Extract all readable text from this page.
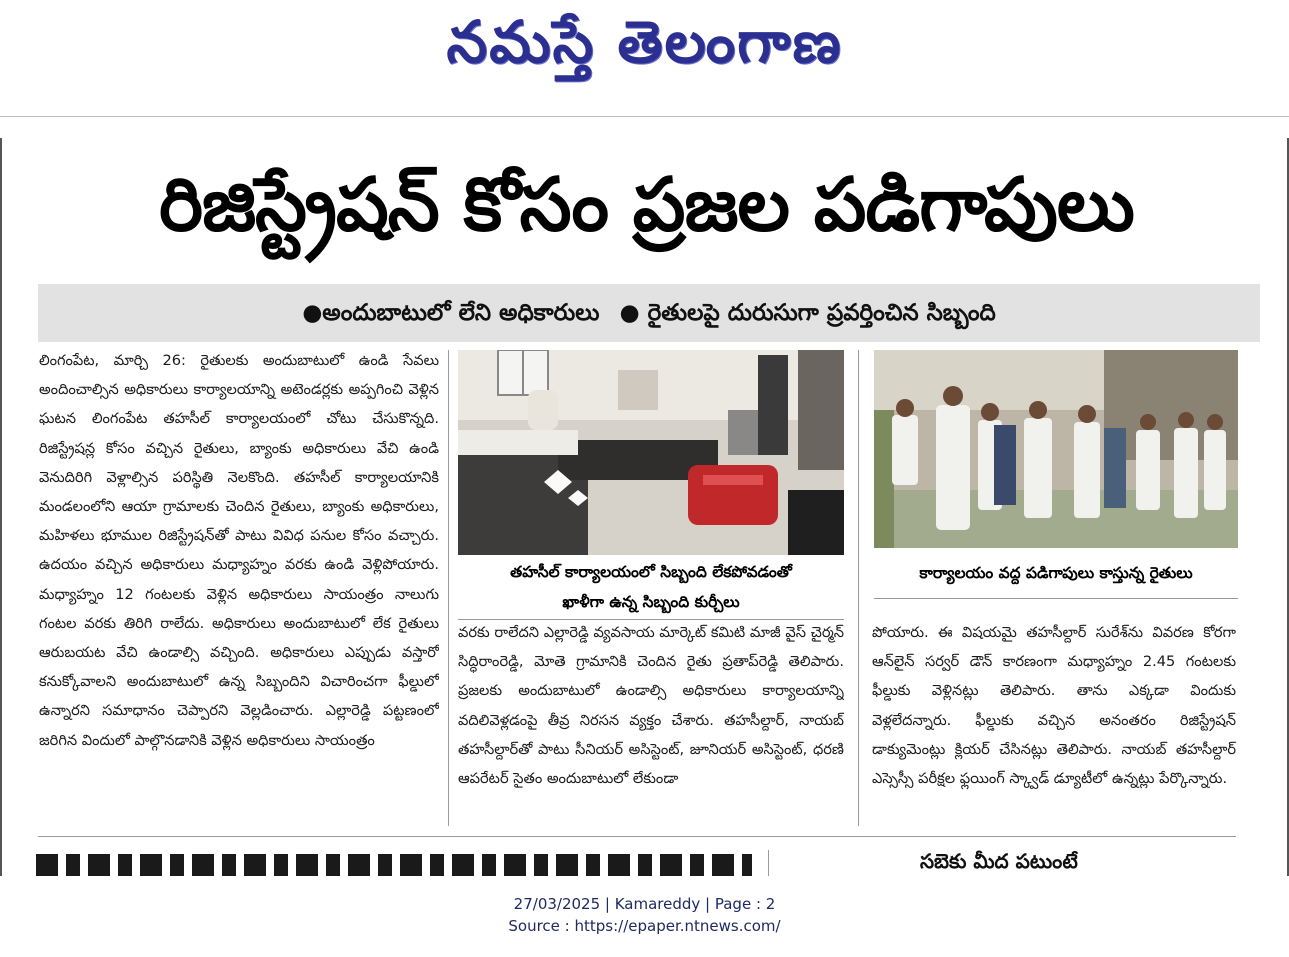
నమస్తే తెలంగాణ
రిజిస్ట్రేషన్ కోసం ప్రజల పడిగాపులు
●అందుబాటులో లేని అధికారులు ● రైతులపై దురుసుగా ప్రవర్తించిన సిబ్బంది

లింగంపేట, మార్చి 26: రైతులకు అందుబాటులో ఉండి సేవలు అందించాల్సిన అధికారులు కార్యాలయాన్ని అటెండర్లకు అప్పగించి వెళ్లిన ఘటన లింగంపేట తహసీల్ కార్యాలయంలో చోటు చేసుకొన్నది. రిజిస్ట్రేషన్ల కోసం వచ్చిన రైతులు, బ్యాంకు అధికారులు వేచి ఉండి వెనుదిరిగి వెళ్లాల్సిన పరిస్థితి నెలకొంది. తహసీల్ కార్యాలయానికి మండలంలోని ఆయా గ్రామాలకు చెందిన రైతులు, బ్యాంకు అధికారులు, మహిళలు భూముల రిజిస్ట్రేషన్‌తో పాటు వివిధ పనుల కోసం వచ్చారు. ఉదయం వచ్చిన అధికారులు మధ్యాహ్నం వరకు ఉండి వెళ్లిపోయారు. మధ్యాహ్నం 12 గంటలకు వెళ్లిన అధికారులు సాయంత్రం నాలుగు గంటల వరకు తిరిగి రాలేదు. అధికారులు అందుబాటులో లేక రైతులు ఆరుబయట వేచి ఉండాల్సి వచ్చింది. అధికారులు ఎప్పుడు వస్తారో కనుక్కోవాలని అందుబాటులో ఉన్న సిబ్బందిని విచారించగా ఫీల్డులో ఉన్నారని సమాధానం చెప్పారని వెల్లడించారు. ఎల్లారెడ్డి పట్టణంలో జరిగిన విందులో పాల్గొనడానికి వెళ్లిన అధికారులు సాయంత్రం

తహసీల్ కార్యాలయంలో సిబ్బంది లేకపోవడంతో
ఖాళీగా ఉన్న సిబ్బంది కుర్చీలు
కార్యాలయం వద్ద పడిగాపులు కాస్తున్న రైతులు

వరకు రాలేదని ఎల్లారెడ్డి వ్యవసాయ మార్కెట్ కమిటి మాజీ వైస్ చైర్మన్ సిద్ధిరాంరెడ్డి, మోతె గ్రామానికి చెందిన రైతు ప్రతాప్‌రెడ్డి తెలిపారు. ప్రజలకు అందుబాటులో ఉండాల్సి అధికారులు కార్యాలయాన్ని వదిలివెళ్లడంపై తీవ్ర నిరసన వ్యక్తం చేశారు. తహసీల్దార్, నాయబ్ తహసీల్దార్‌తో పాటు సీనియర్ అసిస్టెంట్, జూనియర్ అసిస్టెంట్, ధరణి ఆపరేటర్ సైతం అందుబాటులో లేకుండా

పోయారు. ఈ విషయమై తహసీల్దార్ సురేశ్‌ను వివరణ కోరగా ఆన్‌లైన్ సర్వర్ డౌన్ కారణంగా మధ్యాహ్నం 2.45 గంటలకు ఫీల్డుకు వెళ్లినట్లు తెలిపారు. తాను ఎక్కడా విందుకు వెళ్లలేదన్నారు. ఫీల్డుకు వచ్చిన అనంతరం రిజిస్ట్రేషన్ డాక్యుమెంట్లు క్లియర్ చేసినట్లు తెలిపారు. నాయబ్ తహసీల్దార్ ఎస్సెస్సీ పరీక్షల ఫ్లయింగ్ స్క్వాడ్ డ్యూటీలో ఉన్నట్లు పేర్కొన్నారు.

సబెకు మీద పటుంటే
27/03/2025 | Kamareddy | Page : 2
Source : https://epaper.ntnews.com/
